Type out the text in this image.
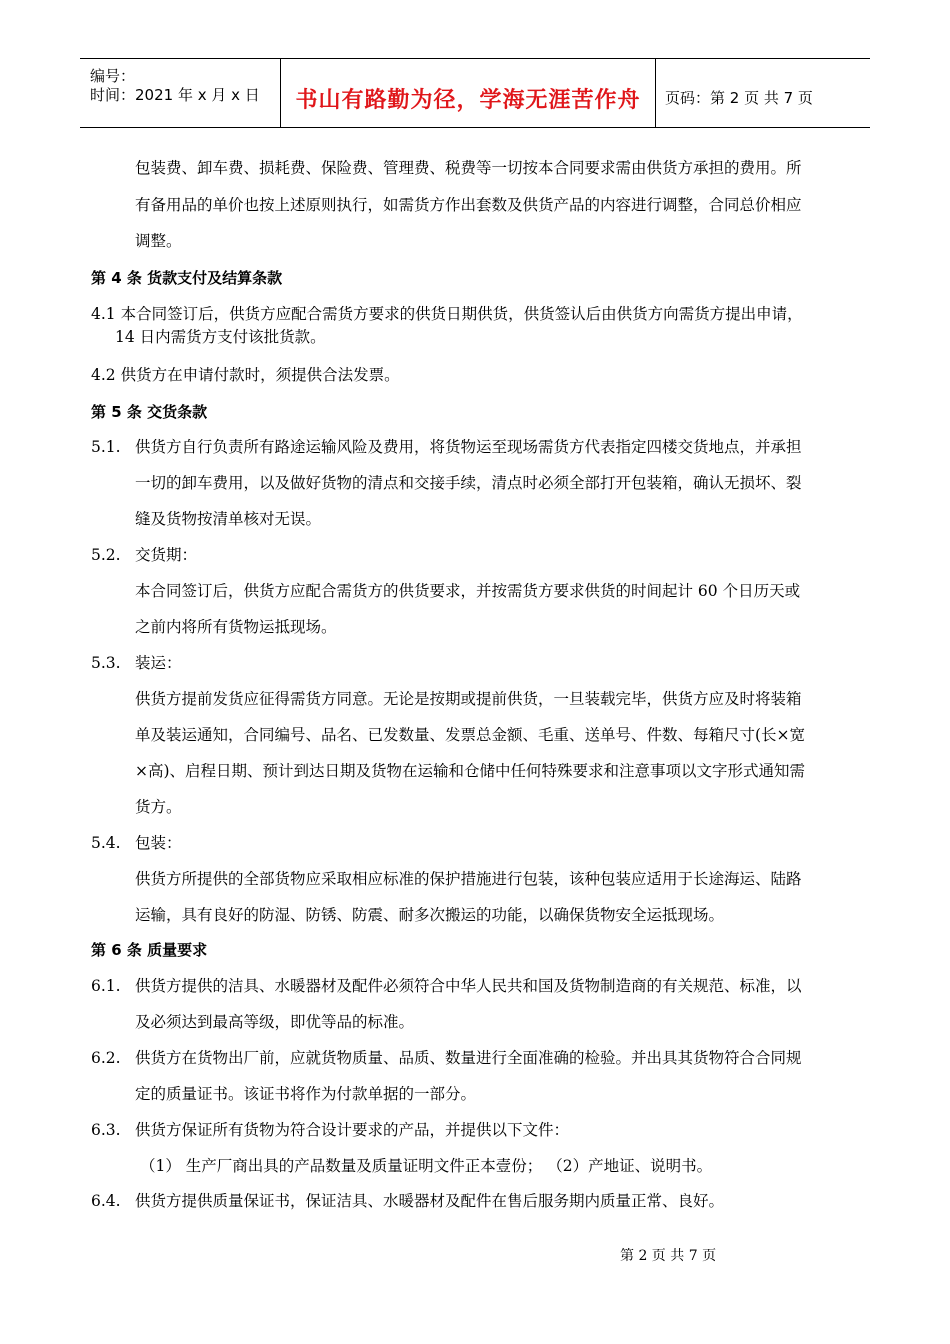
编号：
时间：2021 年 x 月 x 日	书山有路勤为径，学海无涯苦作舟	页码：第 2 页 共 7 页
包装费、卸车费、损耗费、保险费、管理费、税费等一切按本合同要求需由供货方承担的费用。所
有备用品的单价也按上述原则执行，如需货方作出套数及供货产品的内容进行调整，合同总价相应
调整。
第 4 条 货款支付及结算条款
4.1 本合同签订后，供货方应配合需货方要求的供货日期供货，供货签认后由供货方向需货方提出申请，
14 日内需货方支付该批货款。
4.2 供货方在申请付款时，须提供合法发票。
第 5 条 交货条款
5.1. 供货方自行负责所有路途运输风险及费用，将货物运至现场需货方代表指定四楼交货地点，并承担
一切的卸车费用，以及做好货物的清点和交接手续，清点时必须全部打开包装箱，确认无损坏、裂
缝及货物按清单核对无误。
5.2. 交货期：
本合同签订后，供货方应配合需货方的供货要求，并按需货方要求供货的时间起计 60 个日历天或
之前内将所有货物运抵现场。
5.3. 装运：
供货方提前发货应征得需货方同意。无论是按期或提前供货，一旦装载完毕，供货方应及时将装箱
单及装运通知，合同编号、品名、已发数量、发票总金额、毛重、送单号、件数、每箱尺寸(长×宽
×高)、启程日期、预计到达日期及货物在运输和仓储中任何特殊要求和注意事项以文字形式通知需
货方。
5.4. 包装：
供货方所提供的全部货物应采取相应标准的保护措施进行包装，该种包装应适用于长途海运、陆路
运输，具有良好的防湿、防锈、防震、耐多次搬运的功能，以确保货物安全运抵现场。
第 6 条 质量要求
6.1. 供货方提供的洁具、水暖器材及配件必须符合中华人民共和国及货物制造商的有关规范、标准，以
及必须达到最高等级，即优等品的标准。
6.2. 供货方在货物出厂前，应就货物质量、品质、数量进行全面准确的检验。并出具其货物符合合同规
定的质量证书。该证书将作为付款单据的一部分。
6.3. 供货方保证所有货物为符合设计要求的产品，并提供以下文件：
（1） 生产厂商出具的产品数量及质量证明文件正本壹份； （2）产地证、说明书。
6.4. 供货方提供质量保证书，保证洁具、水暖器材及配件在售后服务期内质量正常、良好。
第 2 页 共 7 页
